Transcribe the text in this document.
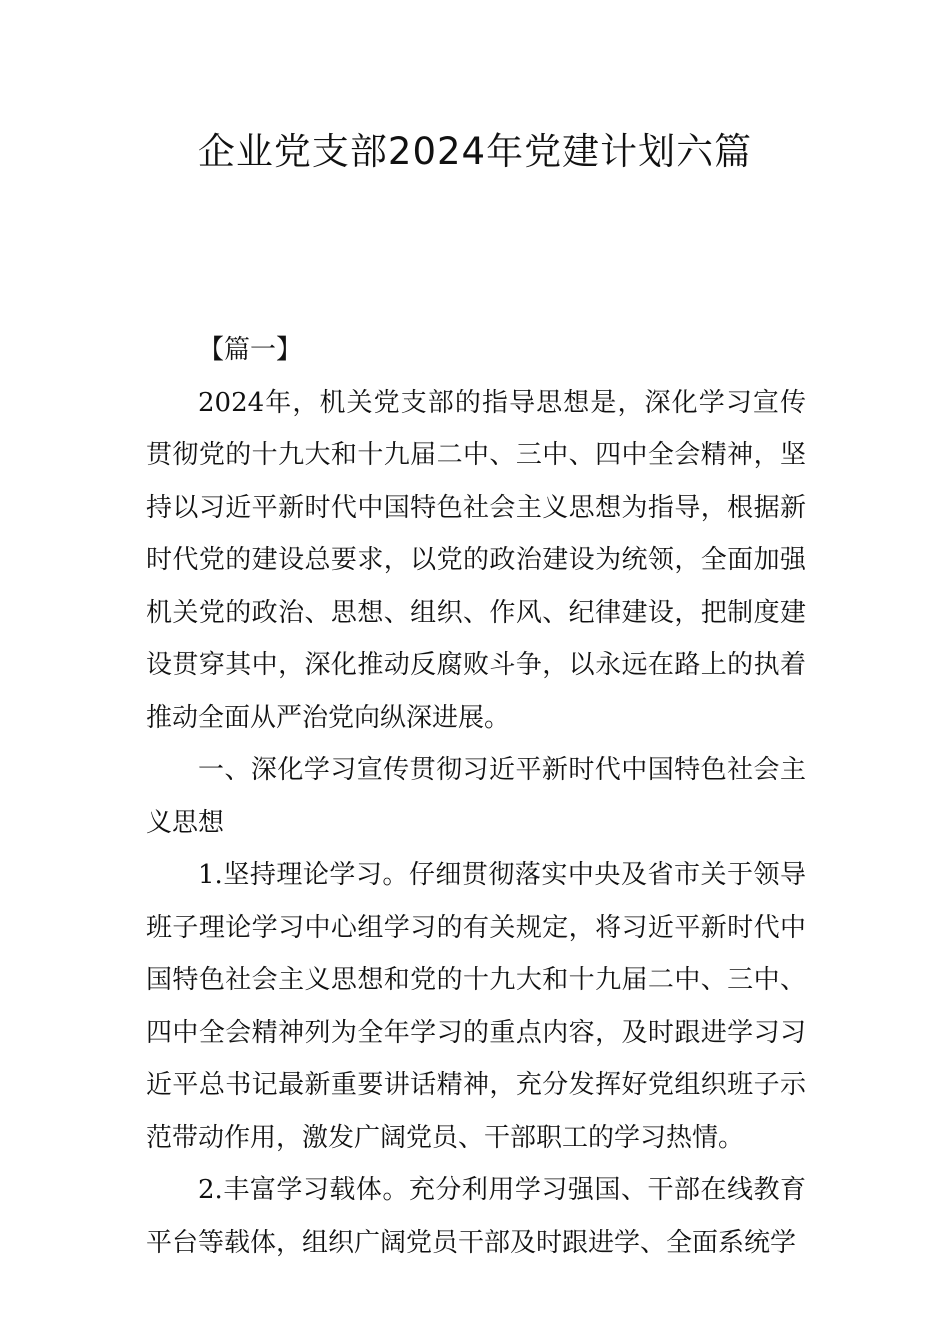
企业党支部2024年党建计划六篇

【篇一】

2024年，机关党支部的指导思想是，深化学习宣传贯彻党的十九大和十九届二中、三中、四中全会精神，坚持以习近平新时代中国特色社会主义思想为指导，根据新时代党的建设总要求，以党的政治建设为统领，全面加强机关党的政治、思想、组织、作风、纪律建设，把制度建设贯穿其中，深化推动反腐败斗争，以永远在路上的执着推动全面从严治党向纵深进展。

一、深化学习宣传贯彻习近平新时代中国特色社会主义思想

1.坚持理论学习。仔细贯彻落实中央及省市关于领导班子理论学习中心组学习的有关规定，将习近平新时代中国特色社会主义思想和党的十九大和十九届二中、三中、四中全会精神列为全年学习的重点内容，及时跟进学习习近平总书记最新重要讲话精神，充分发挥好党组织班子示范带动作用，激发广阔党员、干部职工的学习热情。

2.丰富学习载体。充分利用学习强国、干部在线教育平台等载体，组织广阔党员干部及时跟进学、全面系统学
